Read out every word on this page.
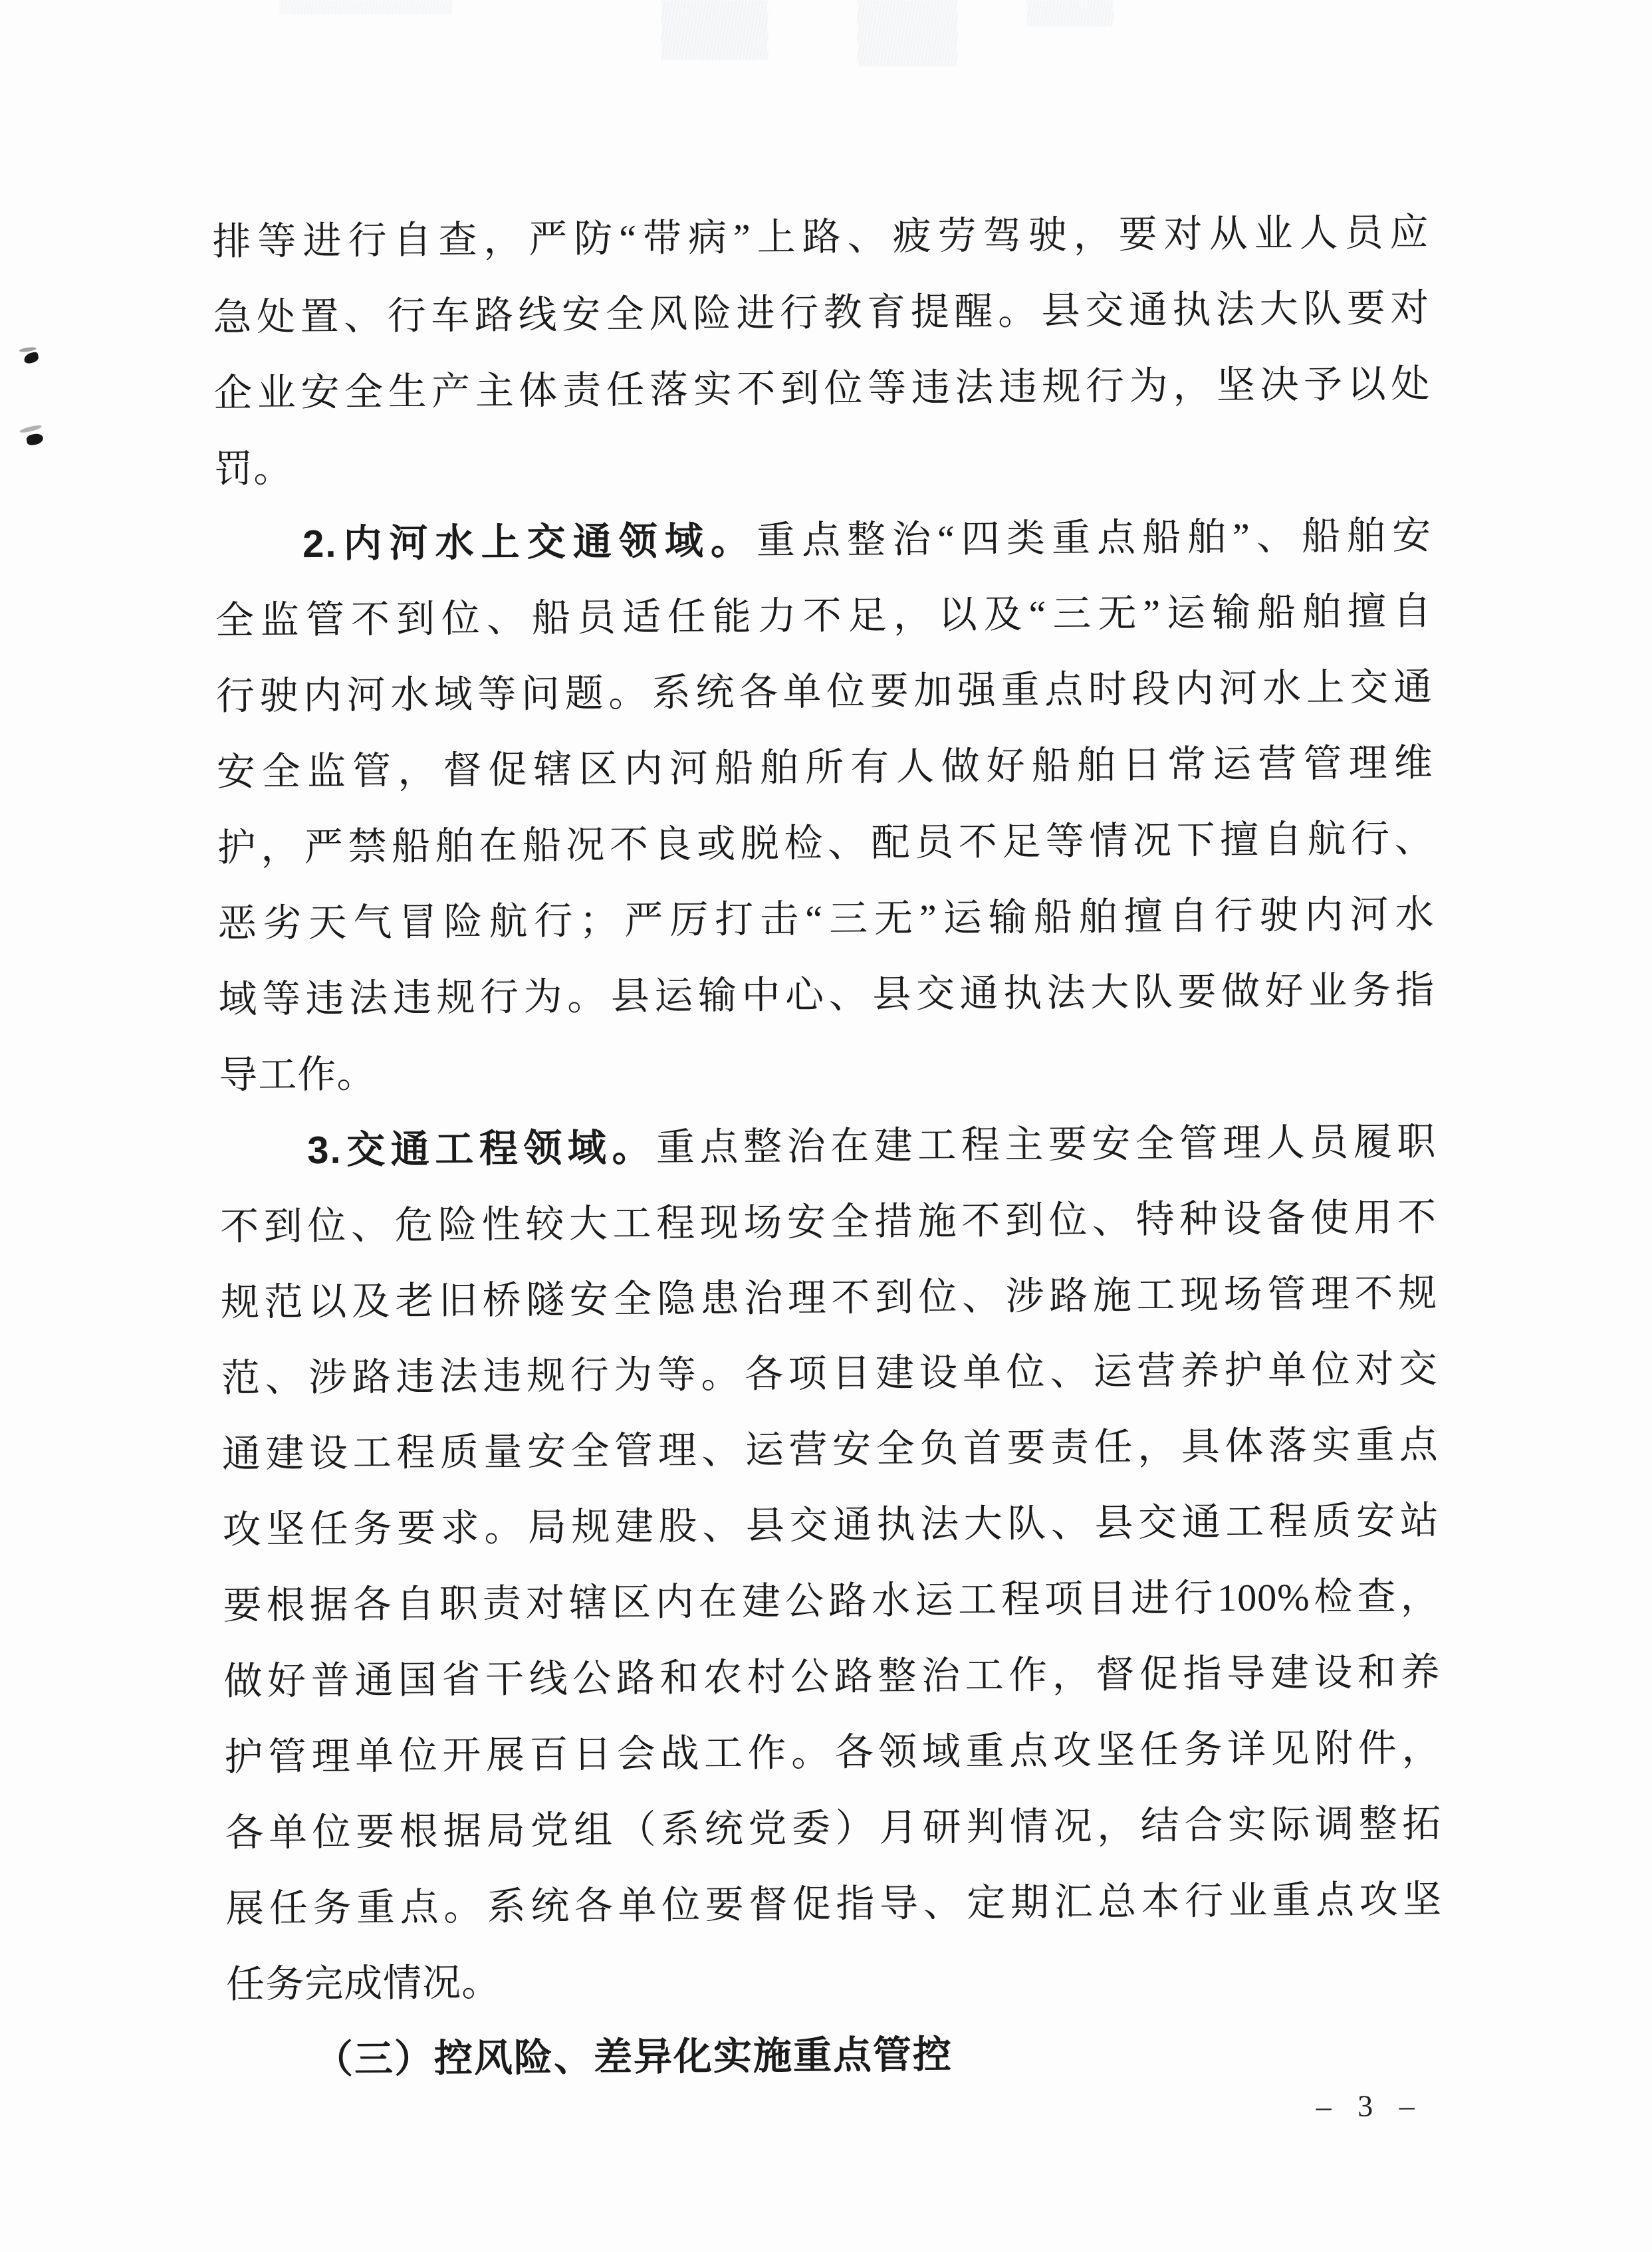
排等进行自查，严防“带病”上路、疲劳驾驶，要对从业人员应
急处置、行车路线安全风险进行教育提醒。县交通执法大队要对
企业安全生产主体责任落实不到位等违法违规行为，坚决予以处
罚。
2.内河水上交通领域。重点整治“四类重点船舶”、船舶安
全监管不到位、船员适任能力不足，以及“三无”运输船舶擅自
行驶内河水域等问题。系统各单位要加强重点时段内河水上交通
安全监管，督促辖区内河船舶所有人做好船舶日常运营管理维
护，严禁船舶在船况不良或脱检、配员不足等情况下擅自航行、
恶劣天气冒险航行；严厉打击“三无”运输船舶擅自行驶内河水
域等违法违规行为。县运输中心、县交通执法大队要做好业务指
导工作。
3.交通工程领域。重点整治在建工程主要安全管理人员履职
不到位、危险性较大工程现场安全措施不到位、特种设备使用不
规范以及老旧桥隧安全隐患治理不到位、涉路施工现场管理不规
范、涉路违法违规行为等。各项目建设单位、运营养护单位对交
通建设工程质量安全管理、运营安全负首要责任，具体落实重点
攻坚任务要求。局规建股、县交通执法大队、县交通工程质安站
要根据各自职责对辖区内在建公路水运工程项目进行100%检查，
做好普通国省干线公路和农村公路整治工作，督促指导建设和养
护管理单位开展百日会战工作。各领域重点攻坚任务详见附件，
各单位要根据局党组（系统党委）月研判情况，结合实际调整拓
展任务重点。系统各单位要督促指导、定期汇总本行业重点攻坚
任务完成情况。
（三）控风险、差异化实施重点管控
– 3 –
